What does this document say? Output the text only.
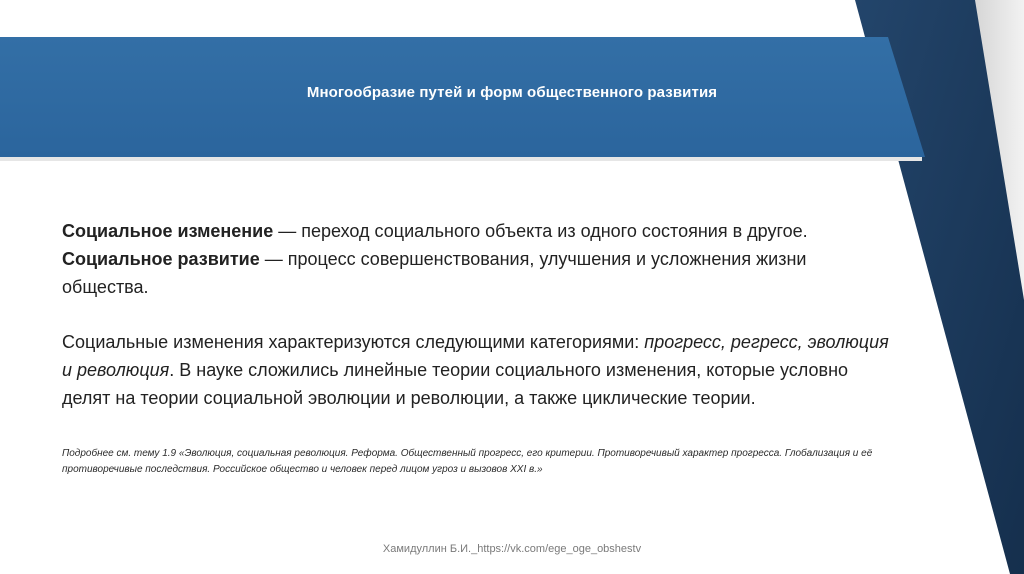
Многообразие путей и форм общественного развития

Социальное изменение — переход социального объекта из одного состояния в другое.
Социальное развитие — процесс совершенствования, улучшения и усложнения жизни общества.

Социальные изменения характеризуются следующими категориями: прогресс, регресс, эволюция и революция. В науке сложились линейные теории социального изменения, которые условно делят на теории социальной эволюции и революции, а также циклические теории.

Подробнее см. тему 1.9 «Эволюция, социальная революция. Реформа. Общественный прогресс, его критерии. Противоречивый характер прогресса. Глобализация и её противоречивые последствия. Российское общество и человек перед лицом угроз и вызовов XXI в.»
Хамидуллин Б.И._https://vk.com/ege_oge_obshestv
